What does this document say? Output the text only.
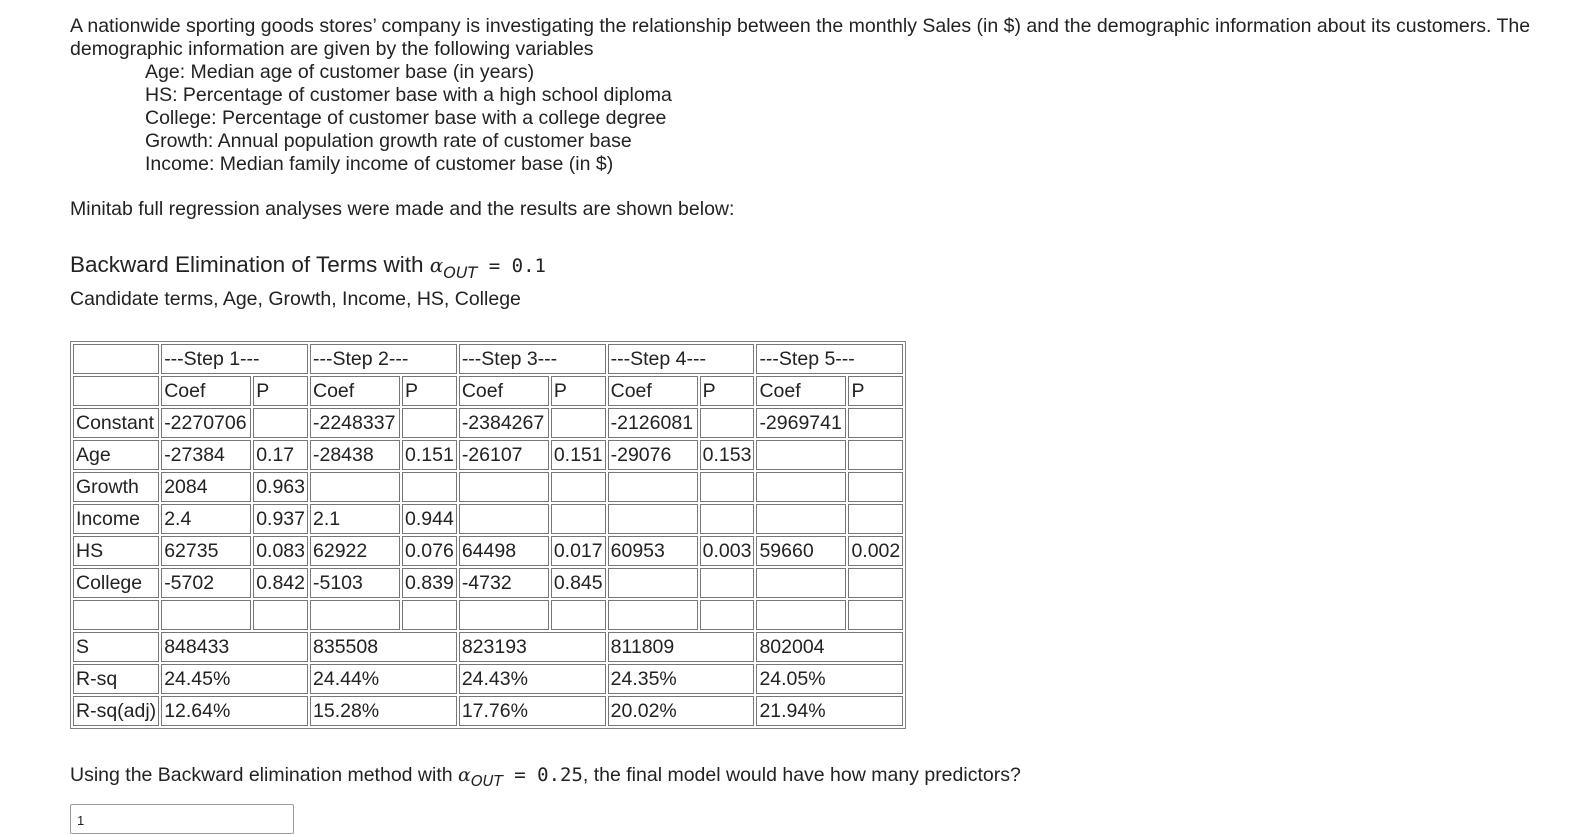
A nationwide sporting goods stores’ company is investigating the relationship between the monthly Sales (in $) and the demographic information about its customers. The demographic information are given by the following variables
Age: Median age of customer base (in years)
HS: Percentage of customer base with a high school diploma
College: Percentage of customer base with a college degree
Growth: Annual population growth rate of customer base
Income: Median family income of customer base (in $)
Minitab full regression analyses were made and the results are shown below:
Backward Elimination of Terms with $\alpha_{OUT} = 0.1$
Candidate terms, Age, Growth, Income, HS, College
	---Step 1---		---Step 2---		---Step 3---		---Step 4---		---Step 5---	
	Coef	P	Coef	P	Coef	P	Coef	P	Coef	P
Constant	-2270706		-2248337		-2384267		-2126081		-2969741	
Age	-27384	0.17	-28438	0.151	-26107	0.151	-29076	0.153		
Growth	2084	0.963								
Income	2.4	0.937	2.1	0.944						
HS	62735	0.083	62922	0.076	64498	0.017	60953	0.003	59660	0.002
College	-5702	0.842	-5103	0.839	-4732	0.845				

S	848433		835508		823193		811809		802004	
R-sq	24.45%		24.44%		24.43%		24.35%		24.05%	
R-sq(adj)	12.64%		15.28%		17.76%		20.02%		21.94%	
Using the Backward elimination method with $\alpha_{OUT} = 0.25$, the final model would have how many predictors?
1
